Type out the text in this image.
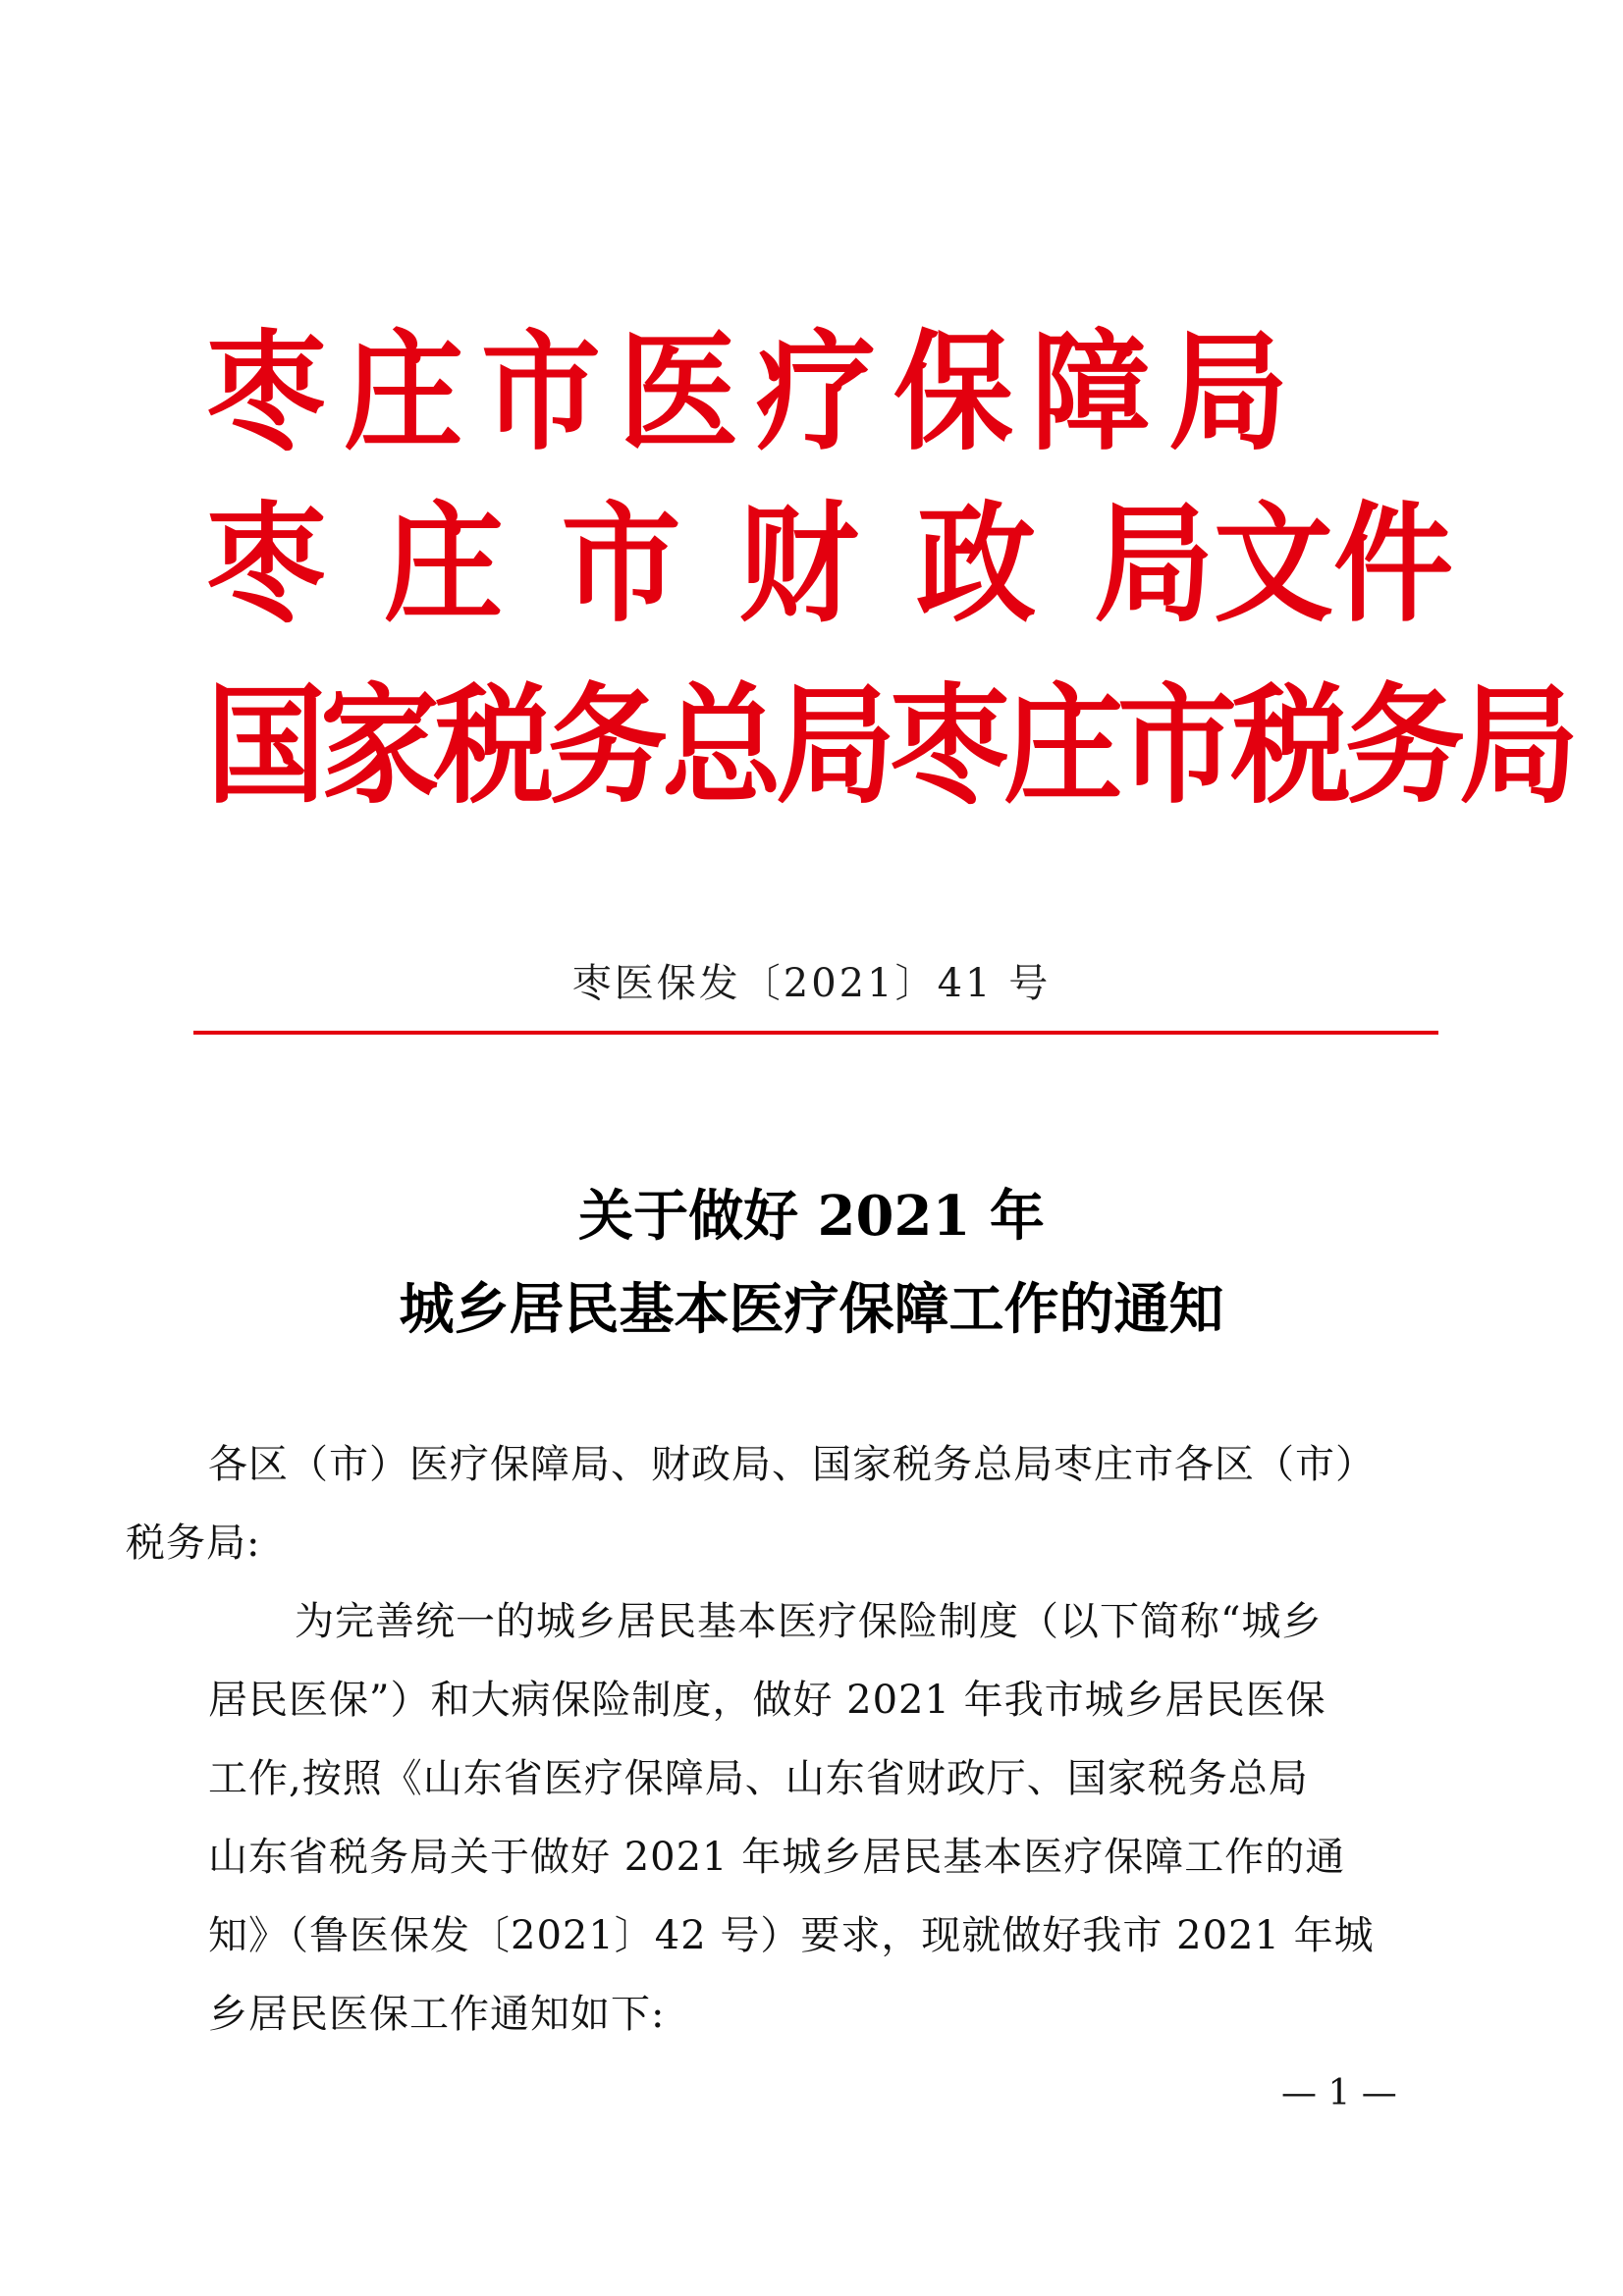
枣 庄 市 医 疗 保 障 局
枣 庄 市 财 政 局文件
国家税务总局枣庄市税务局
枣医保发〔2021〕41 号
关于做好 2021 年
城乡居民基本医疗保障工作的通知
各区（市）医疗保障局、财政局、国家税务总局枣庄市各区（市）
税务局:
为完善统一的城乡居民基本医疗保险制度（以下简称“城乡
居民医保”）和大病保险制度，做好 2021 年我市城乡居民医保
工作,按照《山东省医疗保障局、山东省财政厅、国家税务总局
山东省税务局关于做好 2021 年城乡居民基本医疗保障工作的通
知》（鲁医保发〔2021〕42 号）要求，现就做好我市 2021 年城
乡居民医保工作通知如下:
— 1 —
